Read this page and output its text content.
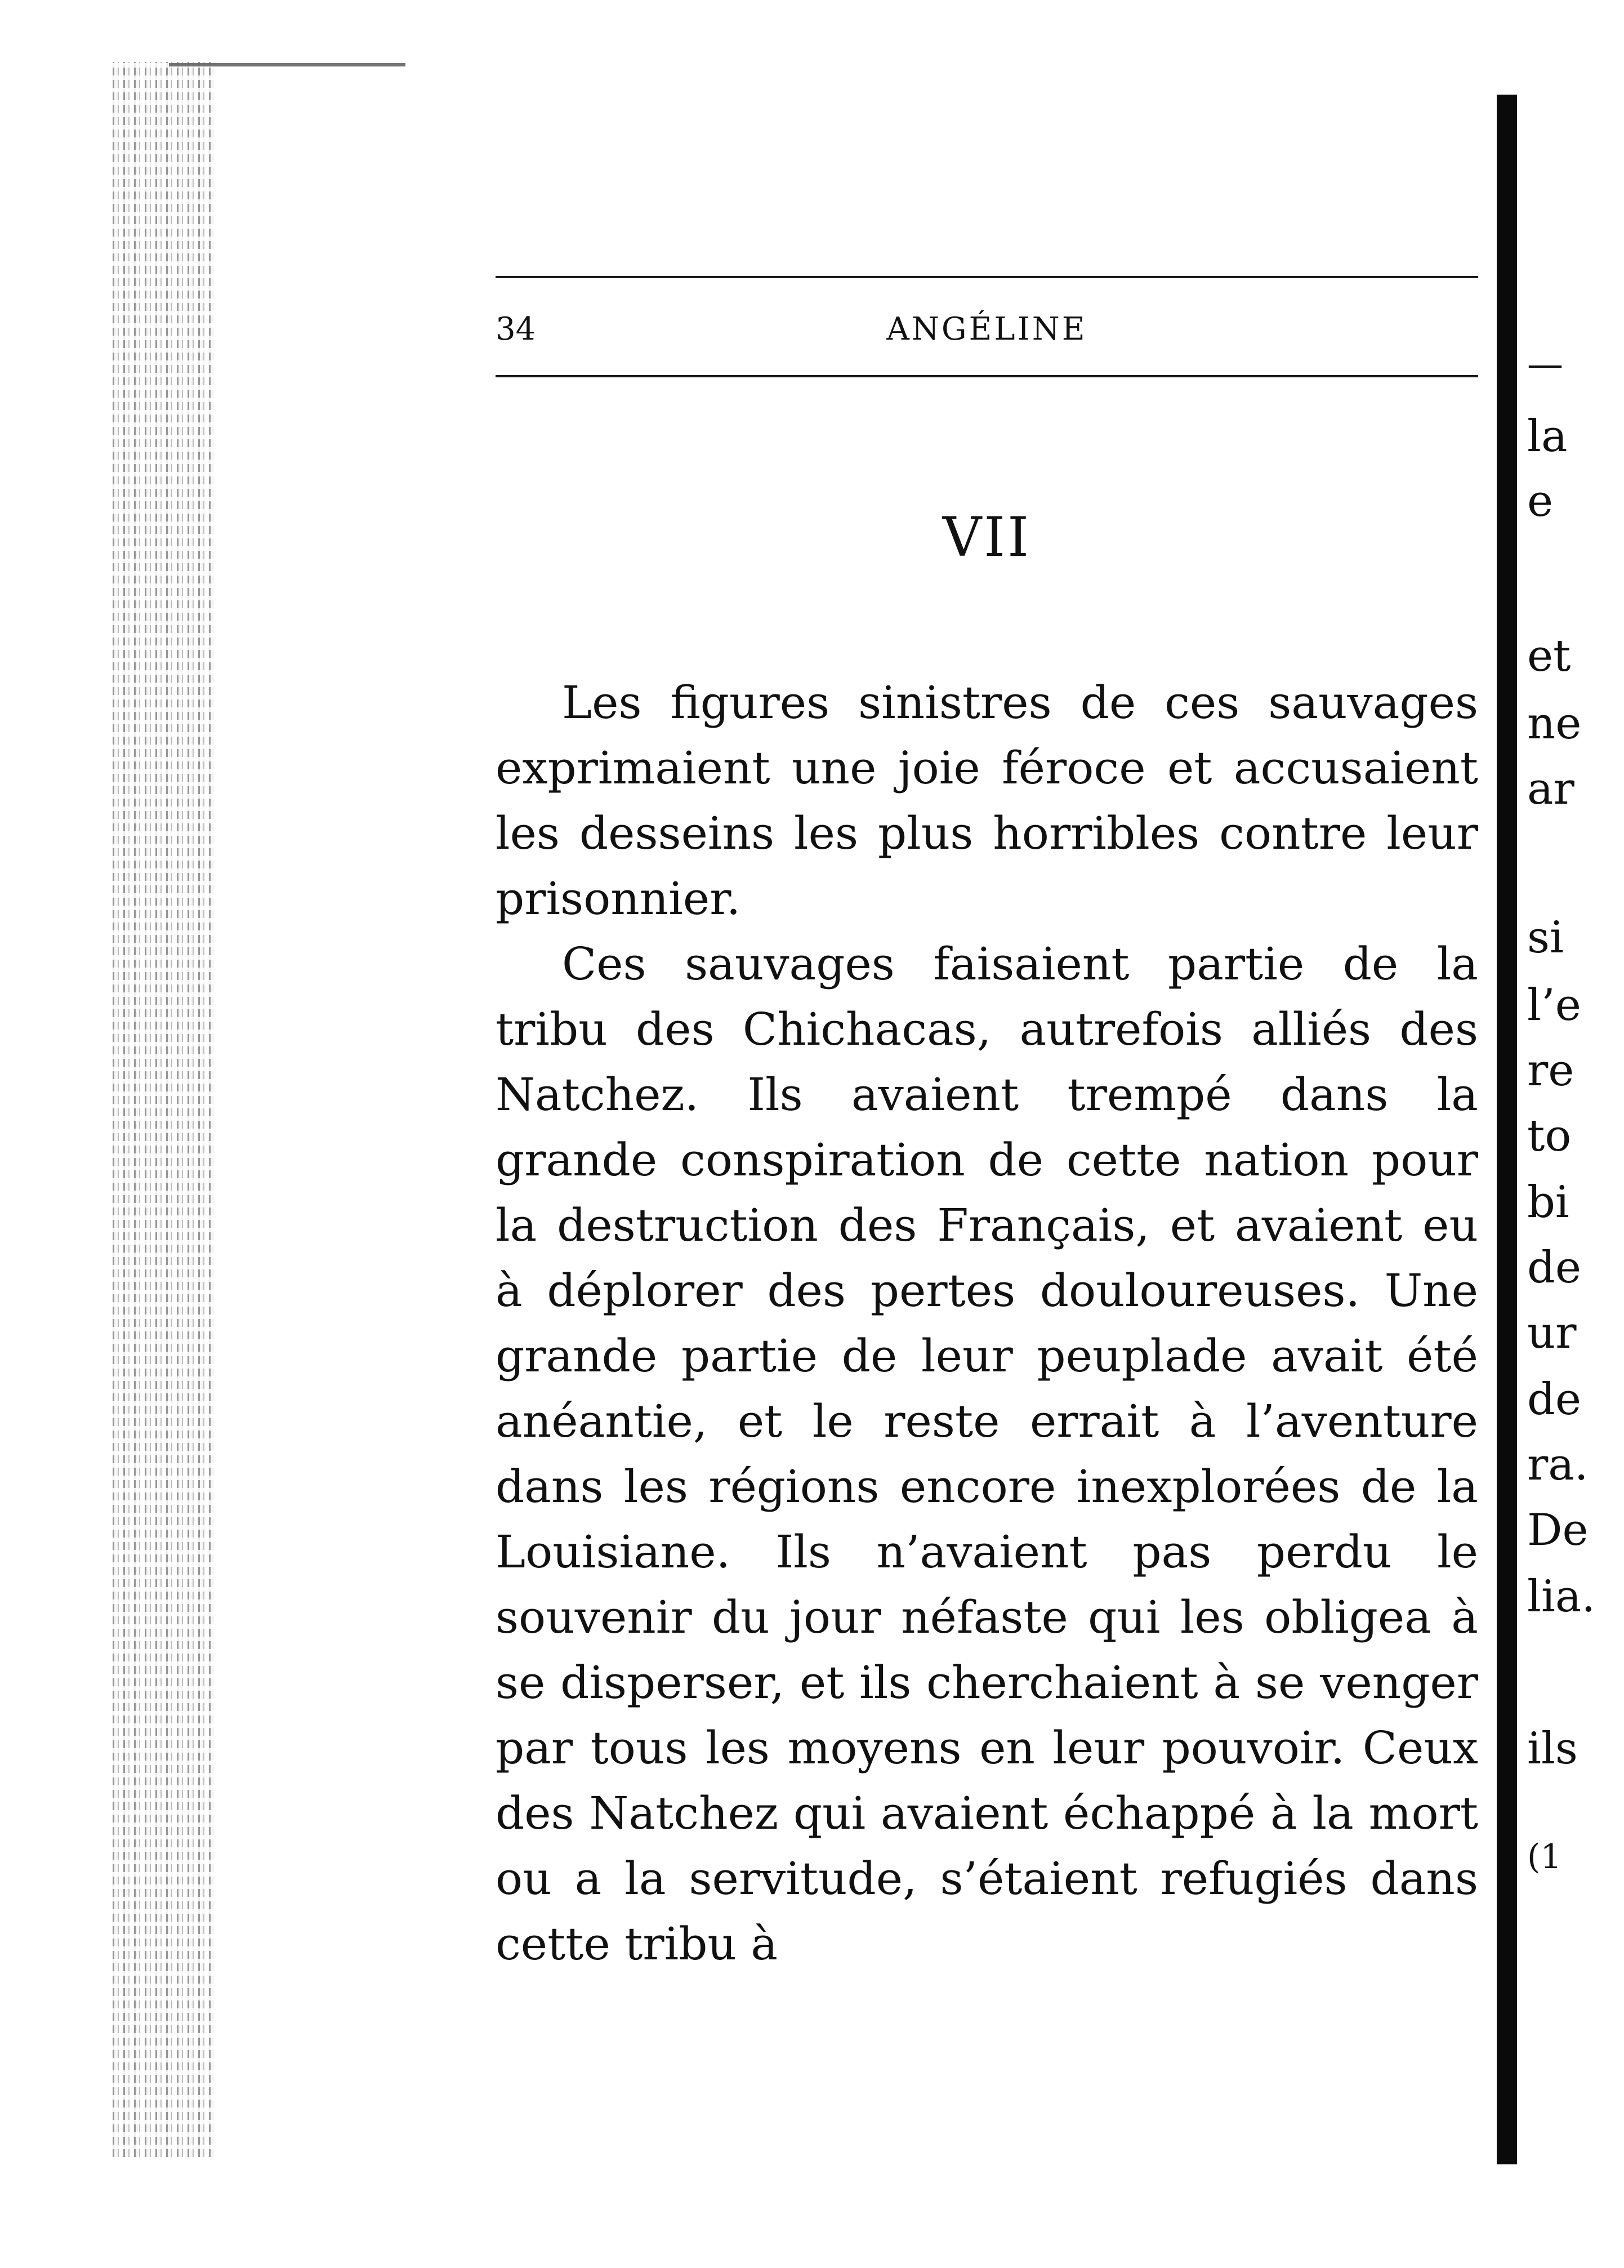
34	ANGÉLINE
VII

Les figures sinistres de ces sauvages exprimaient une joie féroce et accusaient les desseins les plus horribles contre leur prisonnier.

Ces sauvages faisaient partie de la tribu des Chichacas, autrefois alliés des Natchez. Ils avaient trempé dans la grande conspiration de cette nation pour la destruction des Français, et avaient eu à déplorer des pertes douloureuses. Une grande partie de leur peuplade avait été anéantie, et le reste errait à l’aventure dans les régions encore inexplorées de la Louisiane. Ils n’avaient pas perdu le souvenir du jour néfaste qui les obligea à se disperser, et ils cherchaient à se venger par tous les moyens en leur pouvoir. Ceux des Natchez qui avaient échappé à la mort ou a la servitude, s’étaient refugiés dans cette tribu à

—
la
e
et
ne
ar
si
l’e
re
to
bi
de
ur
de
ra.
De
lia.
ils
(1
